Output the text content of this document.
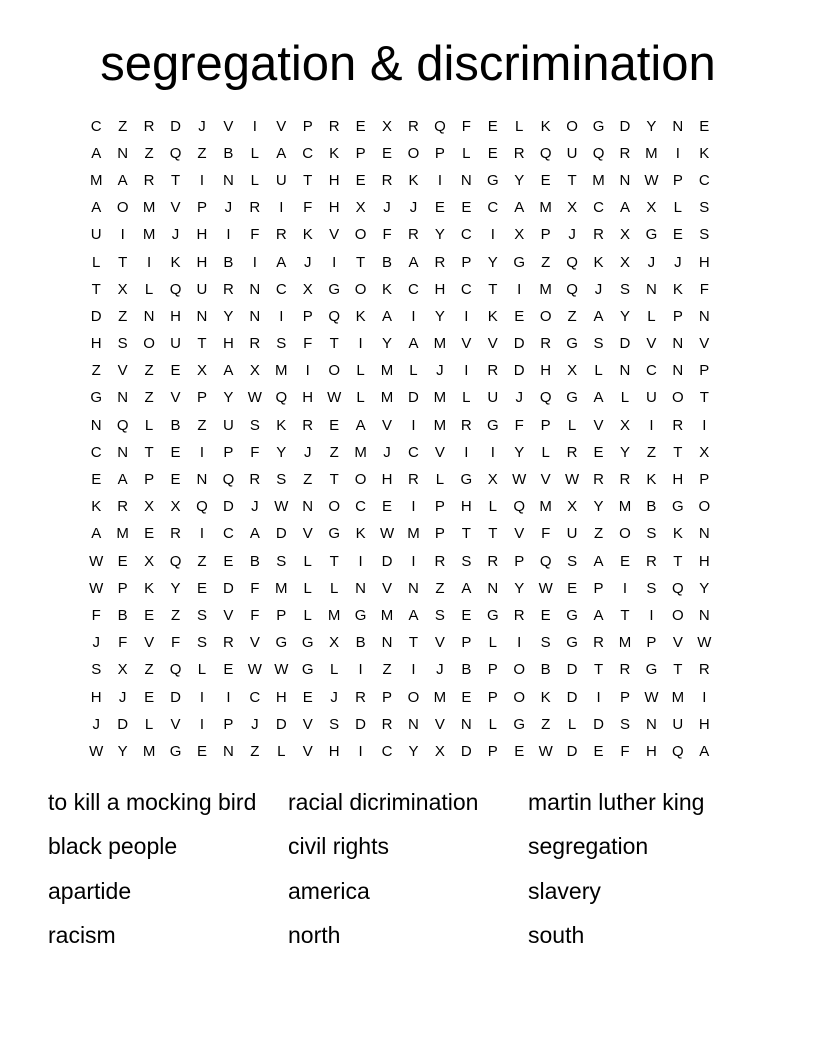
segregation & discrimination
C	Z	R	D	J	V	I	V	P	R	E	X	R	Q	F	E	L	K	O G	D	Y	N	E
A	N	Z	Q	Z	B	L	A	C	K	P	E	O	P	L	E	R	Q	U	Q	R M	I	K
M	A	R	T	I	N	L	U	T	H	E	R	K	I	N	G	Y	E	T	M N W P	C
A	O M	V	P	J	R	I	F	H	X	J	J	E	E	C	A	M	X	C	A	X	L	S
U	I	M	J	H	I	F	R	K	V	O	F	R	Y	C	I	X	P	J	R	X	G	E	S
L	T	I	K	H	B	I	A	J	I	T	B	A	R	P	Y	G	Z	Q	K	X	J	J	H
T	X	L	Q	U	R	N	C	X	G O	K	C	H	C	T	I	M Q	J	S	N	K	F
D	Z	N	H	N	Y	N	I	P	Q	K	A	I	Y	I	K	E	O	Z	A	Y	L	P	N
H	S	O	U	T	H	R	S	F	T	I	Y	A	M	V	V	D	R	G	S	D	V	N	V
Z	V	Z	E	X	A	X	M	I	O	L	M	L	J	I	R	D	H	X	L	N	C	N	P
G	N	Z	V	P	Y W Q	H W	L	M D M	L	U	J	Q G	A	L	U	O	T
N	Q	L	B	Z	U	S	K	R	E	A	V	I	M R	G	F	P	L	V	X	I	R	I
C	N	T	E	I	P	F	Y	J	Z	M	J	C	V	I	I	Y	L	R	E	Y	Z	T	X
E	A	P	E	N	Q	R	S	Z	T	O	H	R	L	G	X W V W R	R	K	H	P
K	R	X	X	Q	D	J	W N	O	C	E	I	P	H	L	Q M	X	Y	M	B	G O
A	M	E	R	I	C	A	D	V	G	K W M	P	T	T	V	F	U	Z	O	S	K	N
W E	X	Q	Z	E	B	S	L	T	I	D	I	R	S	R	P	Q	S	A	E	R	T	H
W P	K	Y	E	D	F	M	L	L	N	V	N	Z	A	N	Y W E	P	I	S	Q	Y
F	B	E	Z	S	V	F	P	L	M G M	A	S	E	G	R	E	G	A	T	I	O	N
J	F	V	F	S	R	V	G G	X	B	N	T	V	P	L	I	S	G	R M	P	V W
S	X	Z	Q	L	E W W G	L	I	Z	I	J	B	P	O	B	D	T	R	G	T	R
H	J	E	D	I	I	C	H	E	J	R	P	O M	E	P	O	K	D	I	P W M	I
J	D	L	V	I	P	J	D	V	S	D	R	N	V	N	L	G	Z	L	D	S	N	U	H
W Y	M G	E	N	Z	L	V	H	I	C	Y	X	D	P	E W D	E	F	H	Q	A
to kill a mocking bird	racial dicrimination	martin luther king
black people	civil rights	segregation
apartide	america	slavery
racism	north	south
